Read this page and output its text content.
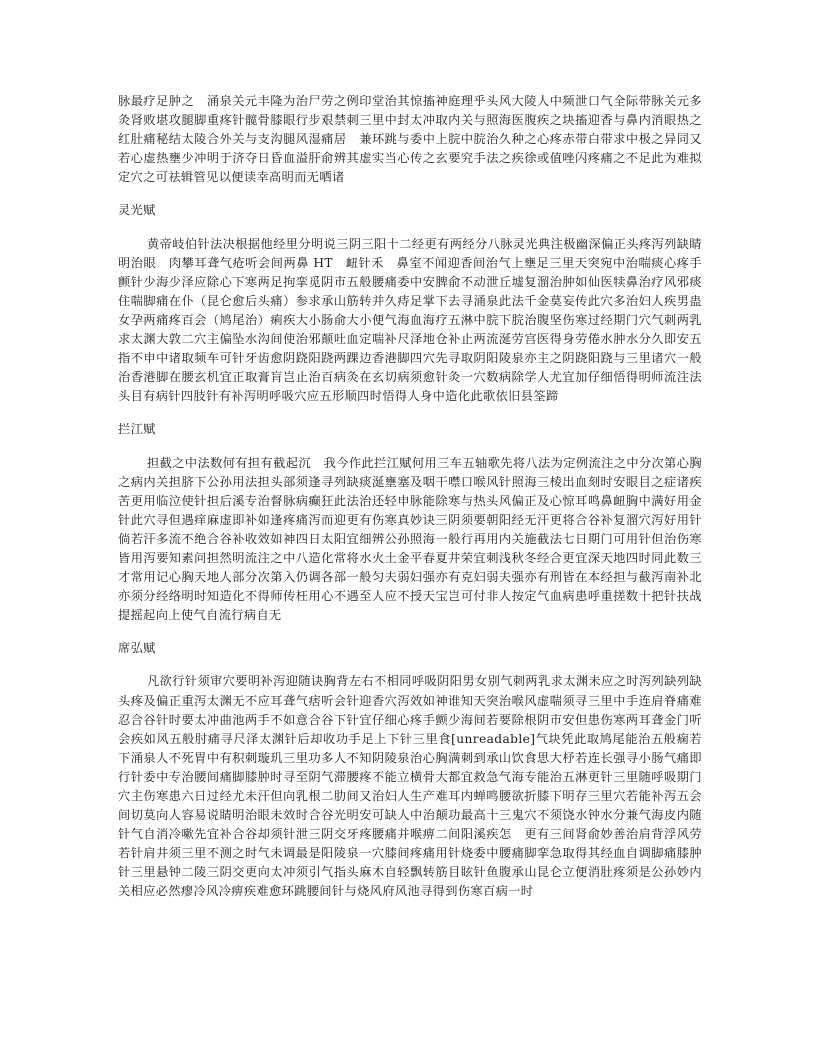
脉最疗足肿之　涌泉关元丰隆为治尸劳之例印堂治其惊搐神庭理乎头风大陵人中频泄口气全际带脉关元多灸肾败堪攻腿脚重疼针髋骨膝眼行步艰禁刺三里中封太冲取内关与照海医腹疾之块搐迎香与鼻内消眼热之红肚痛秘结太陵合外关与支沟腿风湿痛居　兼环跳与委中上脘中脘治久种之心疼赤带白带求中极之异同又若心虚热壅少冲明于济夺日昏血溢肝俞辨其虚实当心传之玄要究手法之疾徐或值唑闪疼痛之不足此为难拟定穴之可祛辑管见以便读幸高明而无哂诸

灵光赋

黄帝岐伯针法决根据他经里分明说三阴三阳十二经更有两经分八脉灵光典注极幽深偏正头疼泻列缺睛明治眼　肉攀耳聋气疮听会间两鼻 HT　衄针禾　鼻室不闻迎香间治气上壅足三里天突宛中治喘痰心疼手颤针少海少泽应除心下寒两足拘挛觅阴市五般腰痛委中安脾俞不动泄丘墟复溜治肿如仙医犊鼻治疗风邪痰住喘脚痛在仆（昆仑愈后头痛）参求承山筋转并久痔足掌下去寻涌泉此法千金莫妄传此穴多治妇人疾男蛊女孕两痛疼百会（鸠尾治）痢疾大小肠俞大小便气海血海疗五淋中脘下脘治腹坚伤寒过经期门穴气刺两乳求太渊大敦二穴主偏坠水沟间使治邪颠吐血定喘补尺泽地仓补止两流涎劳宫医得身劳倦水肿水分久即安五指不申中诸取频车可针牙齿愈阴跷阳跷两踝边香港脚四穴先寻取阴阳陵泉亦主之阴跷阳跷与三里诸穴一般治香港脚在腰玄机宜正取膏肓岂止治百病灸在玄切病须愈针灸一穴数病除学人尤宜加仔细悟得明师流注法头目有病针四肢针有补泻明呼吸穴应五形顺四时悟得人身中造化此歌依旧县筌蹄

拦江赋

担截之中法数何有担有截起沉　我今作此拦江赋何用三车五轴歌先将八法为定例流注之中分次第心胸之病内关担脐下公孙用法担头部须逢寻列缺痰涎壅塞及咽干噤口喉风针照海三棱出血刻时安眼目之症诸疾苦更用临泣使针担后溪专治督脉病癫狂此法治还轻申脉能除寒与热头风偏正及心惊耳鸣鼻衄胸中满好用金针此穴寻但遇痒麻虚即补如逢疼痛泻而迎更有伤寒真妙诀三阴须要朝阳经无汗更将合谷补复溜穴泻好用针倘若汗多流不绝合谷补收效如神四日太阳宜细辨公孙照海一般行再用内关施截法七日期门可用针但治伤寒皆用泻要知素问担然明流注之中八造化常将水火土金平春夏井荣宜刺浅秋冬经合更宜深天地四时同此数三才常用记心胸天地人部分次第入仍调各部一般匀夫弱妇强亦有克妇弱夫强亦有刑皆在本经担与截泻南补北亦须分经络明时知造化不得师传枉用心不遇至人应不授天宝岂可付非人按定气血病患呼重搓数十把针扶战提摇起向上使气自流行病自无

席弘赋

凡欲行针须审穴要明补泻迎随诀胸背左右不相同呼吸阴阳男女别气刺两乳求太渊未应之时泻列缺列缺头疼及偏正重泻太渊无不应耳聋气痞听会针迎香穴泻效如神谁知天突治喉风虚喘须寻三里中手连肩脊痛难忍合谷针时要太冲曲池两手不如意合谷下针宜仔细心疼手颤少海间若要除根阴市安但患伤寒两耳聋金门听会疾如风五般肘痛寻尺泽太渊针后却收功手足上下针三里食[unreadable]气块凭此取鸠尾能治五般痫若下涌泉人不死胃中有积刺璇玑三里功多人不知阴陵泉治心胸满刺到承山饮食思大杼若连长强寻小肠气痛即行针委中专治腰间痛脚膝肿时寻至阴气滞腰疼不能立横骨大都宜救急气海专能治五淋更针三里随呼吸期门穴主伤寒患六日过经尤未汗但向乳根二肋间又治妇人生产难耳内蝉鸣腰欲折膝下明存三里穴若能补泻五会间切莫向人容易说睛明治眼未效时合谷光明安可缺人中治颠功最高十三鬼穴不须饶水钟水分兼气海皮内随针气自消冷嗽先宜补合谷却须针泄三阴交牙疼腰痛并喉痹二间阳溪疾怎　更有三间肾俞妙善治肩背浮风劳若针肩井须三里不测之时气未调最是阳陵泉一穴膝间疼痛用针烧委中腰痛脚挛急取得其经血自调脚痛膝肿针三里悬钟二陵三阴交更向太冲须引气指头麻木自轻飘转筋目眩针鱼腹承山昆仑立便消肚疼须是公孙妙内关相应必然瘳冷风冷痹疾难愈环跳腰间针与烧风府风池寻得到伤寒百病一时
